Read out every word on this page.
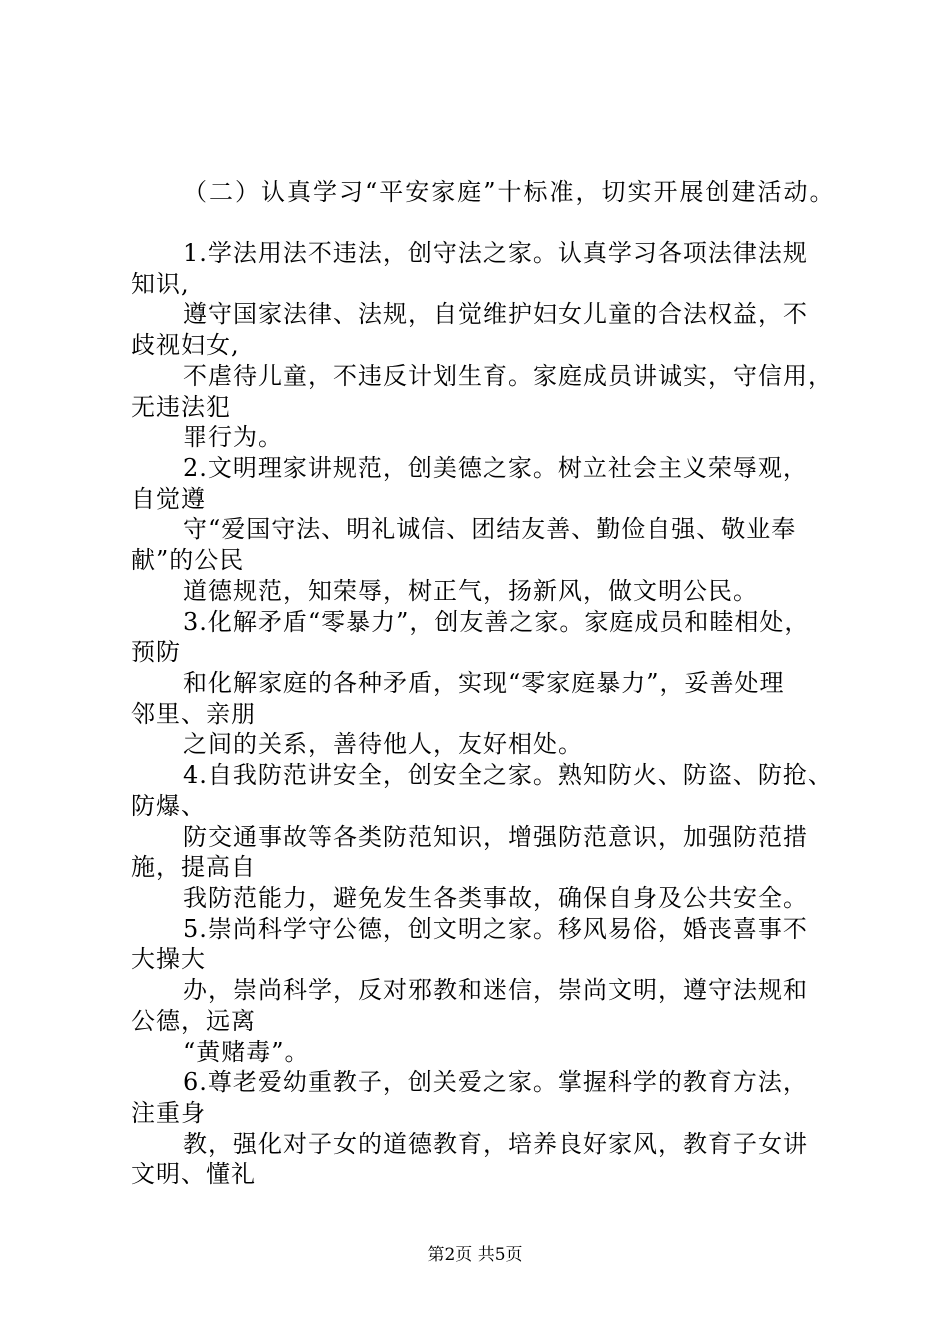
（二）认真学习“平安家庭”十标准，切实开展创建活动。
1.学法用法不违法，创守法之家。认真学习各项法律法规
知识,
遵守国家法律、法规，自觉维护妇女儿童的合法权益，不
歧视妇女,
不虐待儿童，不违反计划生育。家庭成员讲诚实，守信用，
无违法犯
罪行为。
2.文明理家讲规范，创美德之家。树立社会主义荣辱观，
自觉遵
守“爱国守法、明礼诚信、团结友善、勤俭自强、敬业奉
献”的公民
道德规范，知荣辱，树正气，扬新风，做文明公民。
3.化解矛盾“零暴力”，创友善之家。家庭成员和睦相处，
预防
和化解家庭的各种矛盾，实现“零家庭暴力”，妥善处理
邻里、亲朋
之间的关系，善待他人，友好相处。
4.自我防范讲安全，创安全之家。熟知防火、防盗、防抢、
防爆、
防交通事故等各类防范知识，增强防范意识，加强防范措
施，提高自
我防范能力，避免发生各类事故，确保自身及公共安全。
5.崇尚科学守公德，创文明之家。移风易俗，婚丧喜事不
大操大
办，崇尚科学，反对邪教和迷信，崇尚文明，遵守法规和
公德，远离
“黄赌毒”。
6.尊老爱幼重教子，创关爱之家。掌握科学的教育方法，
注重身
教，强化对子女的道德教育，培养良好家风，教育子女讲
文明、懂礼
第2页 共5页
